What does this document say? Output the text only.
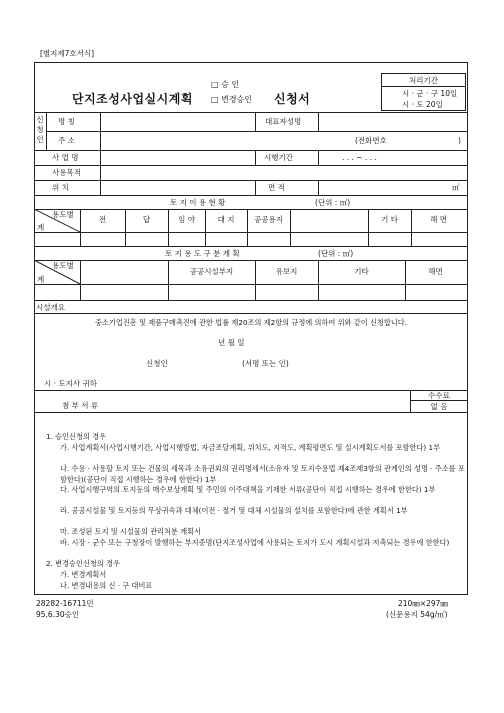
[별지제7호서식]
단지조성사업실시계획
□ 승 인
□ 변경승인 신청서
처리기간
시 · 군 · 구 10일
시 · 도 20일
신
청
인
명 칭	대표자성명
주 소	(전화번호	)
사 업 명	시행기간	. . . ~ . . .
사용목적
위 치	면 적	㎡
토 지 이 용 현 황	(단위 : ㎡)
용도별
계
전	답	임 야	대 지	공공용지	기 타	해 면
토 지 용 도 구 분 계 획	(단위 : ㎡)
용도별
계
공공시설부지	유보지	기타	해면
시설개요
중소기업진흥 및 제품구매촉진에 관한 법률 제20조의 제2항의 규정에 의하여 위와 같이 신청합니다.
년 월 일
신청인	(서명 또는 인)
시 · 도지사 귀하
첨 부 서 류
수수료
없 음
1. 승인신청의 경우
가. 사업계획서(사업시행기간, 사업시행방법, 자금조달계획, 위치도, 지적도, 계획평면도 및 실시계획도서를 포함한다) 1부
나. 수용 · 사용할 토지 또는 건물의 세목과 소유권외의 권리명세서(소유자 및 토지수용법 제4조제3항의 관계인의 성명 · 주소를 포함한다)(공단이 직접 시행하는 경우에 한한다) 1부
다. 사업시행구역의 토지등의 매수보상계획 및 주민의 이주대책을 기재한 서류(공단이 직접 시행하는 경우에 한한다) 1부
라. 공공시설물 및 토지등의 무상귀속과 대체(이전 · 철거 및 대체 시설물의 설치를 포함한다)에 관한 계획서 1부
마. 조성된 토지 및 시설물의 관리처분 계획서
바. 시장 · 군수 또는 구청장이 발행하는 부지증명(단지조성사업에 사용되는 토지가 도시 계획시설과 저촉되는 경우에 한한다)
2. 변경승인신청의 경우
가. 변경계획서
나. 변경내용의 신 · 구 대비표
28282-16711민	210㎜×297㎜
95.6.30승인	(신문용지 54g/㎡)
